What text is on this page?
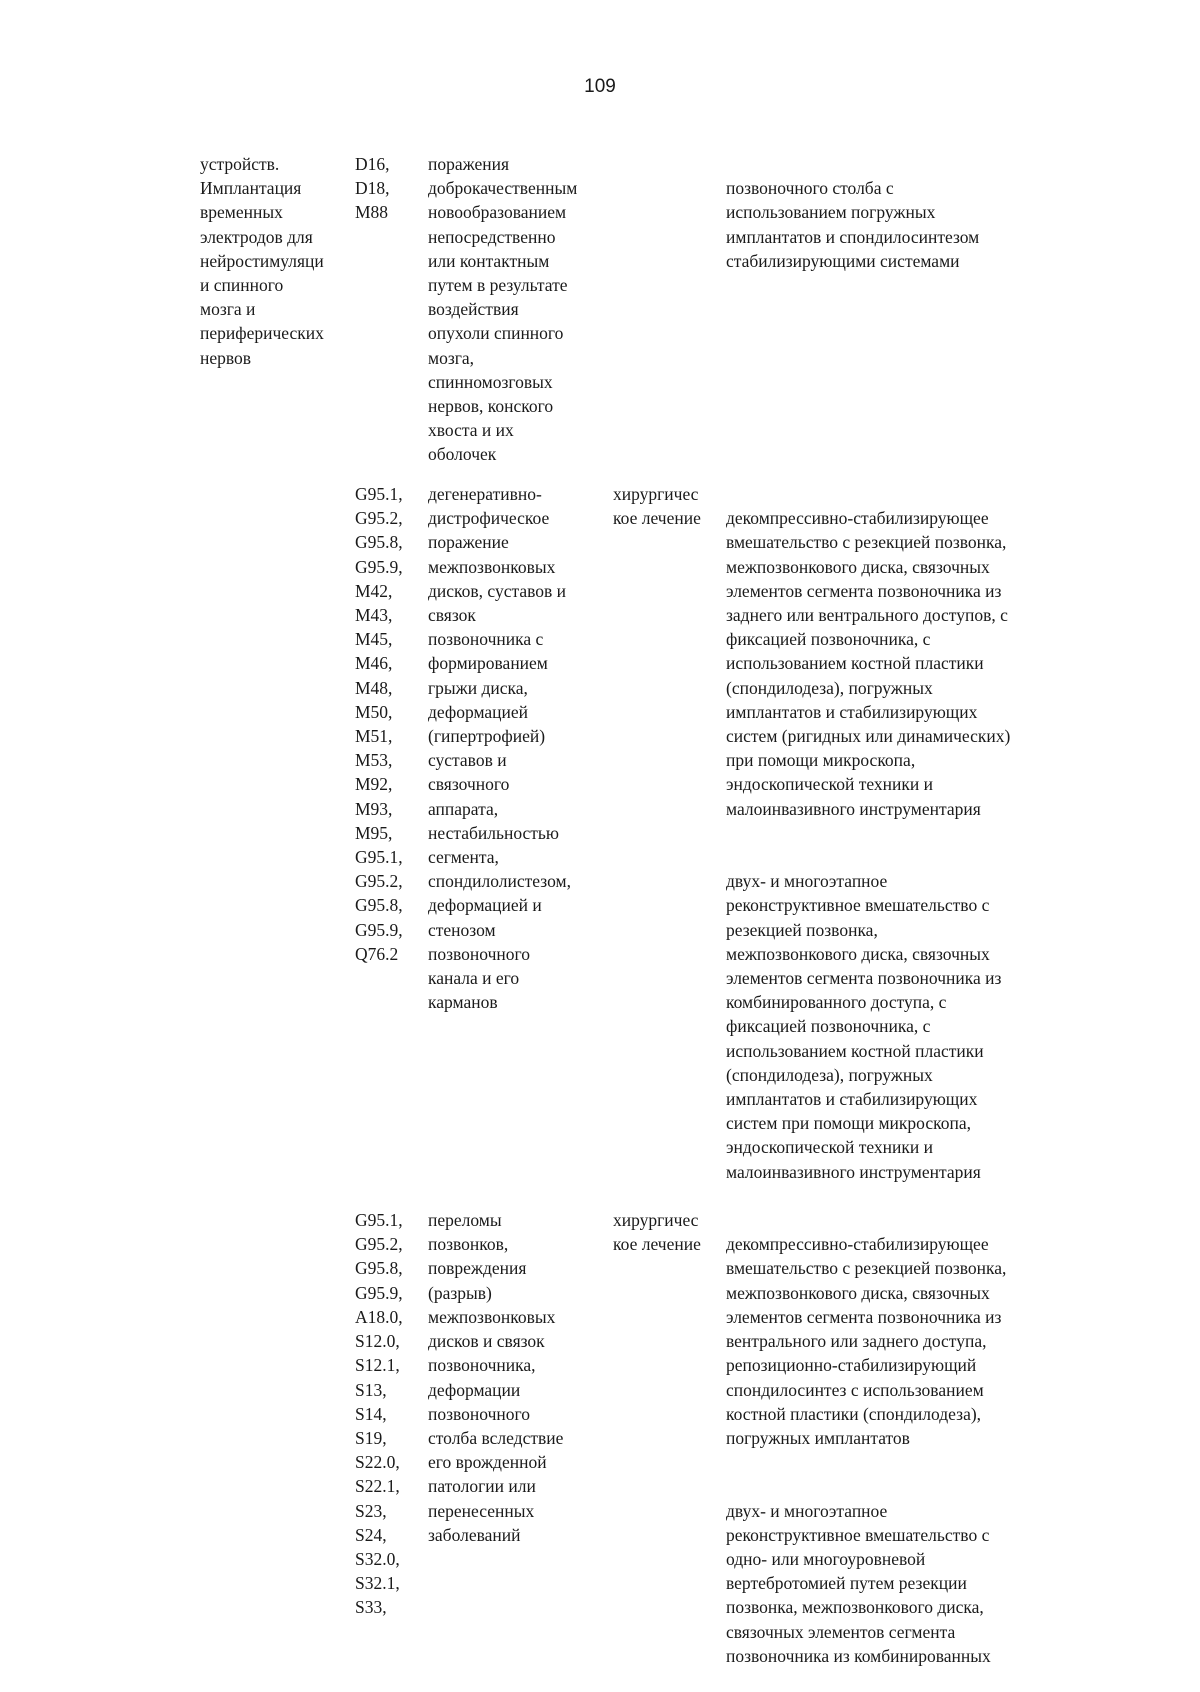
109
устройств.
Имплантация
временных
электродов для
нейростимуляци
и спинного
мозга и
периферических
нервов
D16,
D18,
M88
поражения
доброкачественным
новообразованием
непосредственно
или контактным
путем в результате
воздействия
опухоли спинного
мозга,
спинномозговых
нервов, конского
хвоста и их
оболочек

позвоночного столба с
использованием погружных
имплантатов и спондилосинтезом
стабилизирующими системами

G95.1,
G95.2,
G95.8,
G95.9,
M42,
M43,
M45,
M46,
M48,
M50,
M51,
M53,
M92,
M93,
M95,
G95.1,
G95.2,
G95.8,
G95.9,
Q76.2
дегенеративно-
дистрофическое
поражение
межпозвонковых
дисков, суставов и
связок
позвоночника с
формированием
грыжи диска,
деформацией
(гипертрофией)
суставов и
связочного
аппарата,
нестабильностью
сегмента,
спондилолистезом,
деформацией и
стенозом
позвоночного
канала и его
карманов
хирургичес
кое лечение	декомпрессивно-стабилизирующее
вмешательство с резекцией позвонка,
межпозвонкового диска, связочных
элементов сегмента позвоночника из
заднего или вентрального доступов, с
фиксацией позвоночника, с
использованием костной пластики
(спондилодеза), погружных
имплантатов и стабилизирующих
систем (ригидных или динамических)
при помощи микроскопа,
эндоскопической техники и
малоинвазивного инструментария

двух- и многоэтапное
реконструктивное вмешательство с
резекцией позвонка,
межпозвонкового диска, связочных
элементов сегмента позвоночника из
комбинированного доступа, с
фиксацией позвоночника, с
использованием костной пластики
(спондилодеза), погружных
имплантатов и стабилизирующих
систем при помощи микроскопа,
эндоскопической техники и
малоинвазивного инструментария

G95.1,
G95.2,
G95.8,
G95.9,
A18.0,
S12.0,
S12.1,
S13,
S14,
S19,
S22.0,
S22.1,
S23,
S24,
S32.0,
S32.1,
S33,
переломы
позвонков,
повреждения
(разрыв)
межпозвонковых
дисков и связок
позвоночника,
деформации
позвоночного
столба вследствие
его врожденной
патологии или
перенесенных
заболеваний
хирургичес
кое лечение	декомпрессивно-стабилизирующее
вмешательство с резекцией позвонка,
межпозвонкового диска, связочных
элементов сегмента позвоночника из
вентрального или заднего доступа,
репозиционно-стабилизирующий
спондилосинтез с использованием
костной пластики (спондилодеза),
погружных имплантатов

двух- и многоэтапное
реконструктивное вмешательство с
одно- или многоуровневой
вертебротомией путем резекции
позвонка, межпозвонкового диска,
связочных элементов сегмента
позвоночника из комбинированных
